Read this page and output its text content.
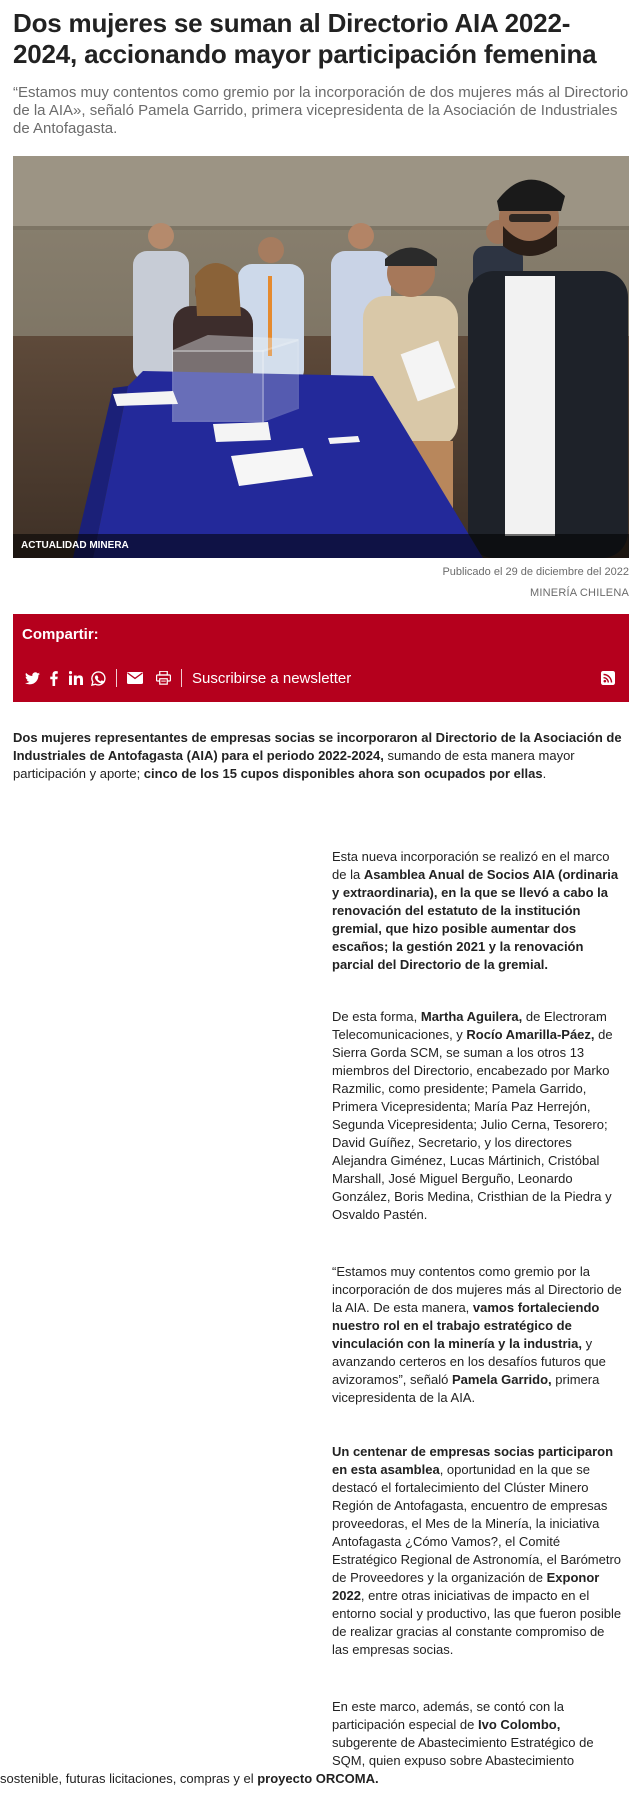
Dos mujeres se suman al Directorio AIA 2022-2024, accionando mayor participación femenina
“Estamos muy contentos como gremio por la incorporación de dos mujeres más al Directorio de la AIA», señaló Pamela Garrido, primera vicepresidenta de la Asociación de Industriales de Antofagasta.
ACTUALIDAD MINERA
Publicado el 29 de diciembre del 2022
MINERÍA CHILENA
Compartir:
Suscribirse a newsletter
Dos mujeres representantes de empresas socias se incorporaron al Directorio de la Asociación de Industriales de Antofagasta (AIA) para el periodo 2022-2024, sumando de esta manera mayor participación y aporte; cinco de los 15 cupos disponibles ahora son ocupados por ellas.

Esta nueva incorporación se realizó en el marco de la Asamblea Anual de Socios AIA (ordinaria y extraordinaria), en la que se llevó a cabo la renovación del estatuto de la institución gremial, que hizo posible aumentar dos escaños; la gestión 2021 y la renovación parcial del Directorio de la gremial.

De esta forma, Martha Aguilera, de Electroram Telecomunicaciones, y Rocío Amarilla-Páez, de Sierra Gorda SCM, se suman a los otros 13 miembros del Directorio, encabezado por Marko Razmilic, como presidente; Pamela Garrido, Primera Vicepresidenta; María Paz Herrejón, Segunda Vicepresidenta; Julio Cerna, Tesorero; David Guíñez, Secretario, y los directores Alejandra Giménez, Lucas Mártinich, Cristóbal Marshall, José Miguel Berguño, Leonardo González, Boris Medina, Cristhian de la Piedra y Osvaldo Pastén.

“Estamos muy contentos como gremio por la incorporación de dos mujeres más al Directorio de la AIA. De esta manera, vamos fortaleciendo nuestro rol en el trabajo estratégico de vinculación con la minería y la industria, y avanzando certeros en los desafíos futuros que avizoramos”, señaló Pamela Garrido, primera vicepresidenta de la AIA.

Un centenar de empresas socias participaron en esta asamblea, oportunidad en la que se destacó el fortalecimiento del Clúster Minero Región de Antofagasta, encuentro de empresas proveedoras, el Mes de la Minería, la iniciativa Antofagasta ¿Cómo Vamos?, el Comité Estratégico Regional de Astronomía, el Barómetro de Proveedores y la organización de Exponor 2022, entre otras iniciativas de impacto en el entorno social y productivo, las que fueron posible de realizar gracias al constante compromiso de las empresas socias.

En este marco, además, se contó con la participación especial de Ivo Colombo, subgerente de Abastecimiento Estratégico de SQM, quien expuso sobre Abastecimiento

sostenible, futuras licitaciones, compras y el proyecto ORCOMA.
